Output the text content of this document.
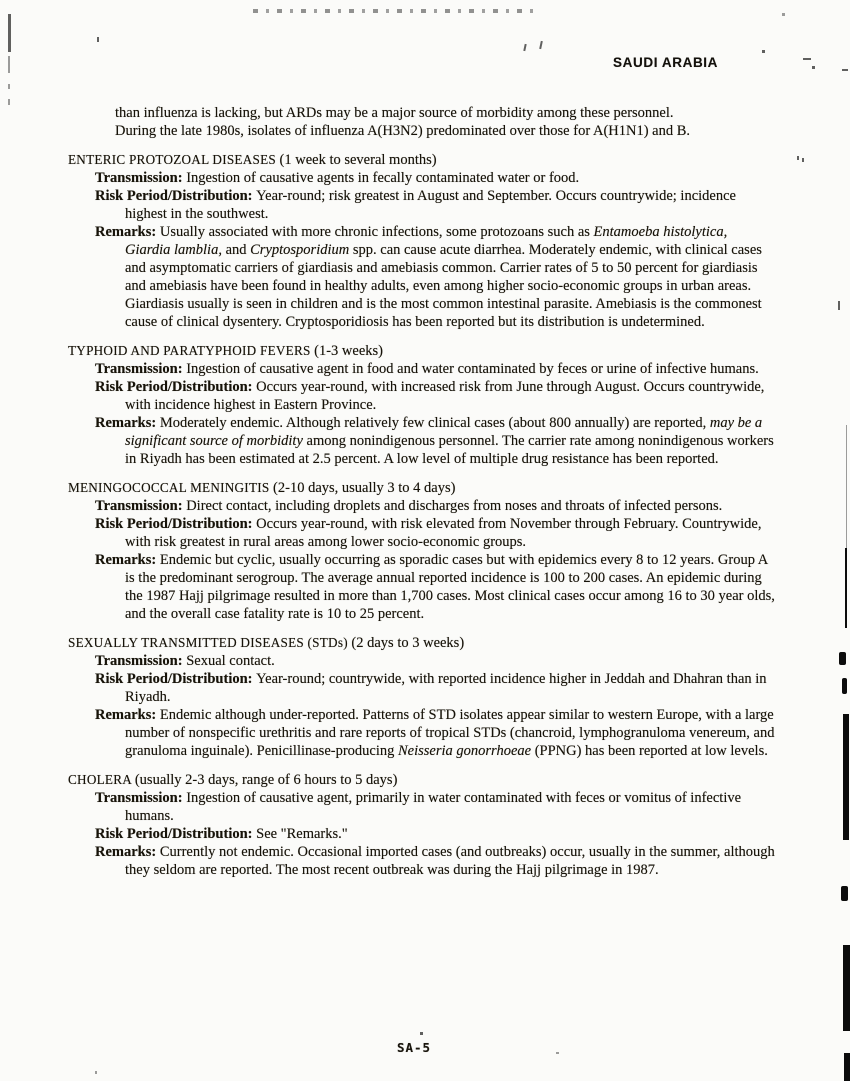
SAUDI ARABIA
than influenza is lacking, but ARDs may be a major source of morbidity among these personnel.
During the late 1980s, isolates of influenza A(H3N2) predominated over those for A(H1N1) and B.

ENTERIC PROTOZOAL DISEASES (1 week to several months)

Transmission: Ingestion of causative agents in fecally contaminated water or food.

Risk Period/Distribution: Year-round; risk greatest in August and September. Occurs countrywide; incidence highest in the southwest.

Remarks: Usually associated with more chronic infections, some protozoans such as Entamoeba histolytica, Giardia lamblia, and Cryptosporidium spp. can cause acute diarrhea. Moderately endemic, with clinical cases and asymptomatic carriers of giardiasis and amebiasis common. Carrier rates of 5 to 50 percent for giardiasis and amebiasis have been found in healthy adults, even among higher socio-economic groups in urban areas. Giardiasis usually is seen in children and is the most common intestinal parasite. Amebiasis is the commonest cause of clinical dysentery. Cryptosporidiosis has been reported but its distribution is undetermined.

TYPHOID AND PARATYPHOID FEVERS (1-3 weeks)

Transmission: Ingestion of causative agent in food and water contaminated by feces or urine of infective humans.

Risk Period/Distribution: Occurs year-round, with increased risk from June through August. Occurs countrywide, with incidence highest in Eastern Province.

Remarks: Moderately endemic. Although relatively few clinical cases (about 800 annually) are reported, may be a significant source of morbidity among nonindigenous personnel. The carrier rate among nonindigenous workers in Riyadh has been estimated at 2.5 percent. A low level of multiple drug resistance has been reported.

MENINGOCOCCAL MENINGITIS (2-10 days, usually 3 to 4 days)

Transmission: Direct contact, including droplets and discharges from noses and throats of infected persons.

Risk Period/Distribution: Occurs year-round, with risk elevated from November through February. Countrywide, with risk greatest in rural areas among lower socio-economic groups.

Remarks: Endemic but cyclic, usually occurring as sporadic cases but with epidemics every 8 to 12 years. Group A is the predominant serogroup. The average annual reported incidence is 100 to 200 cases. An epidemic during the 1987 Hajj pilgrimage resulted in more than 1,700 cases. Most clinical cases occur among 16 to 30 year olds, and the overall case fatality rate is 10 to 25 percent.

SEXUALLY TRANSMITTED DISEASES (STDs) (2 days to 3 weeks)

Transmission: Sexual contact.

Risk Period/Distribution: Year-round; countrywide, with reported incidence higher in Jeddah and Dhahran than in Riyadh.

Remarks: Endemic although under-reported. Patterns of STD isolates appear similar to western Europe, with a large number of nonspecific urethritis and rare reports of tropical STDs (chancroid, lymphogranuloma venereum, and granuloma inguinale). Penicillinase-producing Neisseria gonorrhoeae (PPNG) has been reported at low levels.

CHOLERA (usually 2-3 days, range of 6 hours to 5 days)

Transmission: Ingestion of causative agent, primarily in water contaminated with feces or vomitus of infective humans.

Risk Period/Distribution: See "Remarks."

Remarks: Currently not endemic. Occasional imported cases (and outbreaks) occur, usually in the summer, although they seldom are reported. The most recent outbreak was during the Hajj pilgrimage in 1987.

SA-5
